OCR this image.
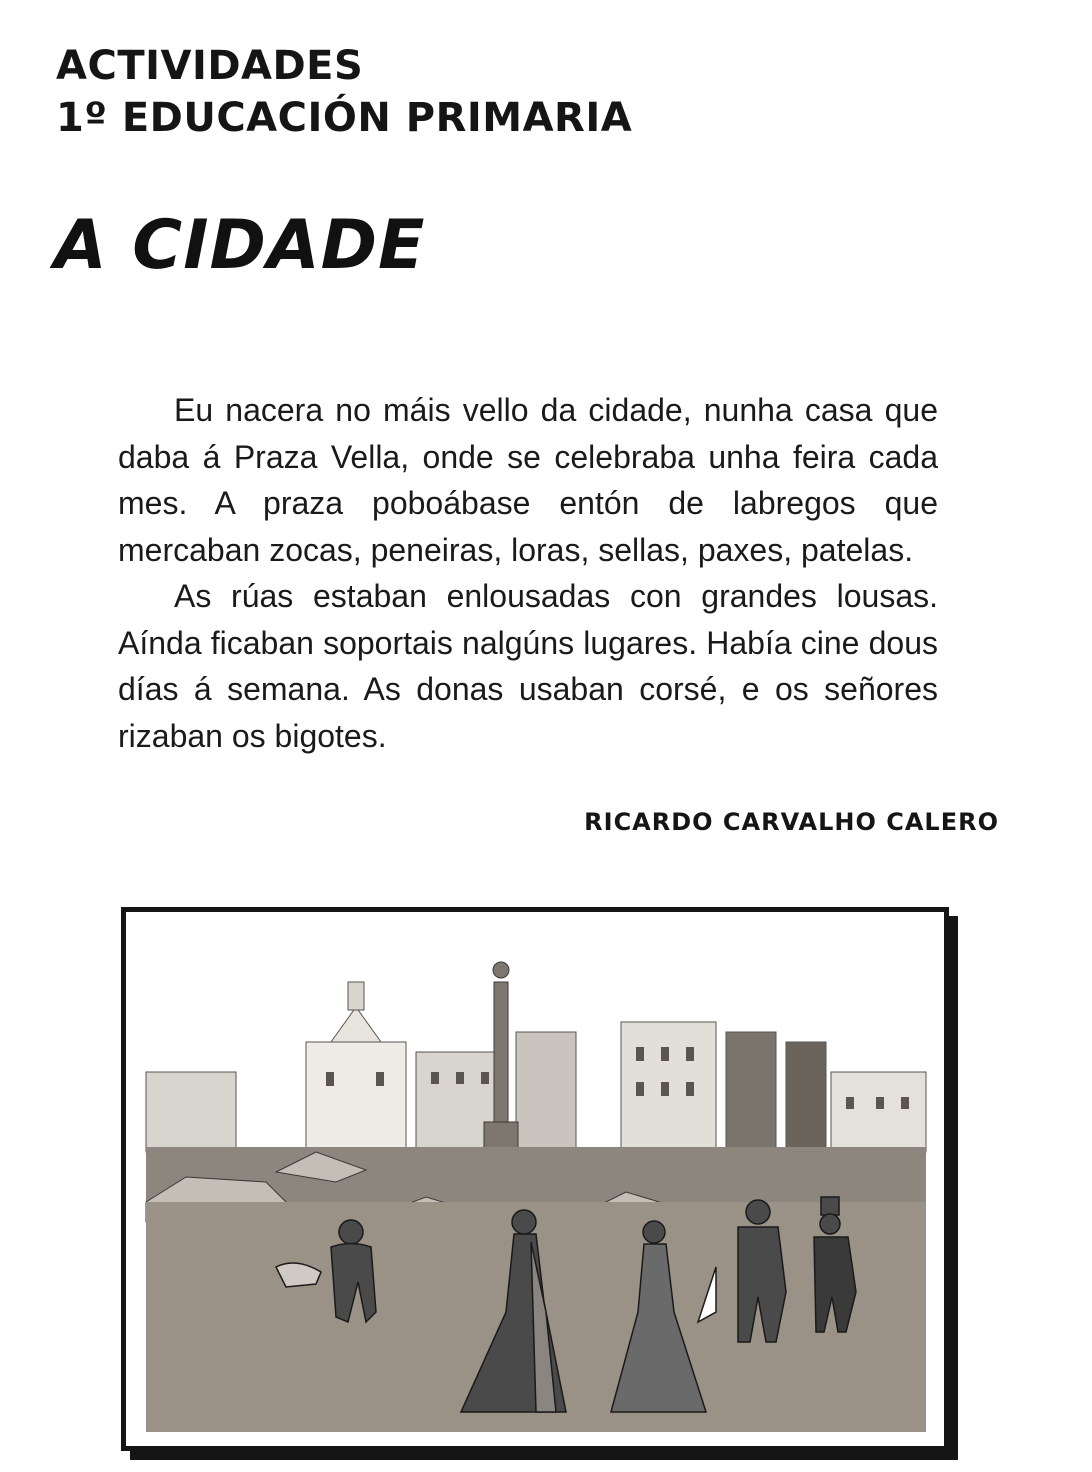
ACTIVIDADES
1º EDUCACIÓN PRIMARIA
A CIDADE

Eu nacera no máis vello da cidade, nunha casa que daba á Praza Vella, onde se celebraba unha feira cada mes. A praza poboábase entón de labregos que mercaban zocas, peneiras, loras, sellas, paxes, patelas.

As rúas estaban enlousadas con grandes lousas. Aínda ficaban soportais nalgúns lugares. Había cine dous días á semana. As donas usaban corsé, e os señores rizaban os bigotes.

RICARDO CARVALHO CALERO
